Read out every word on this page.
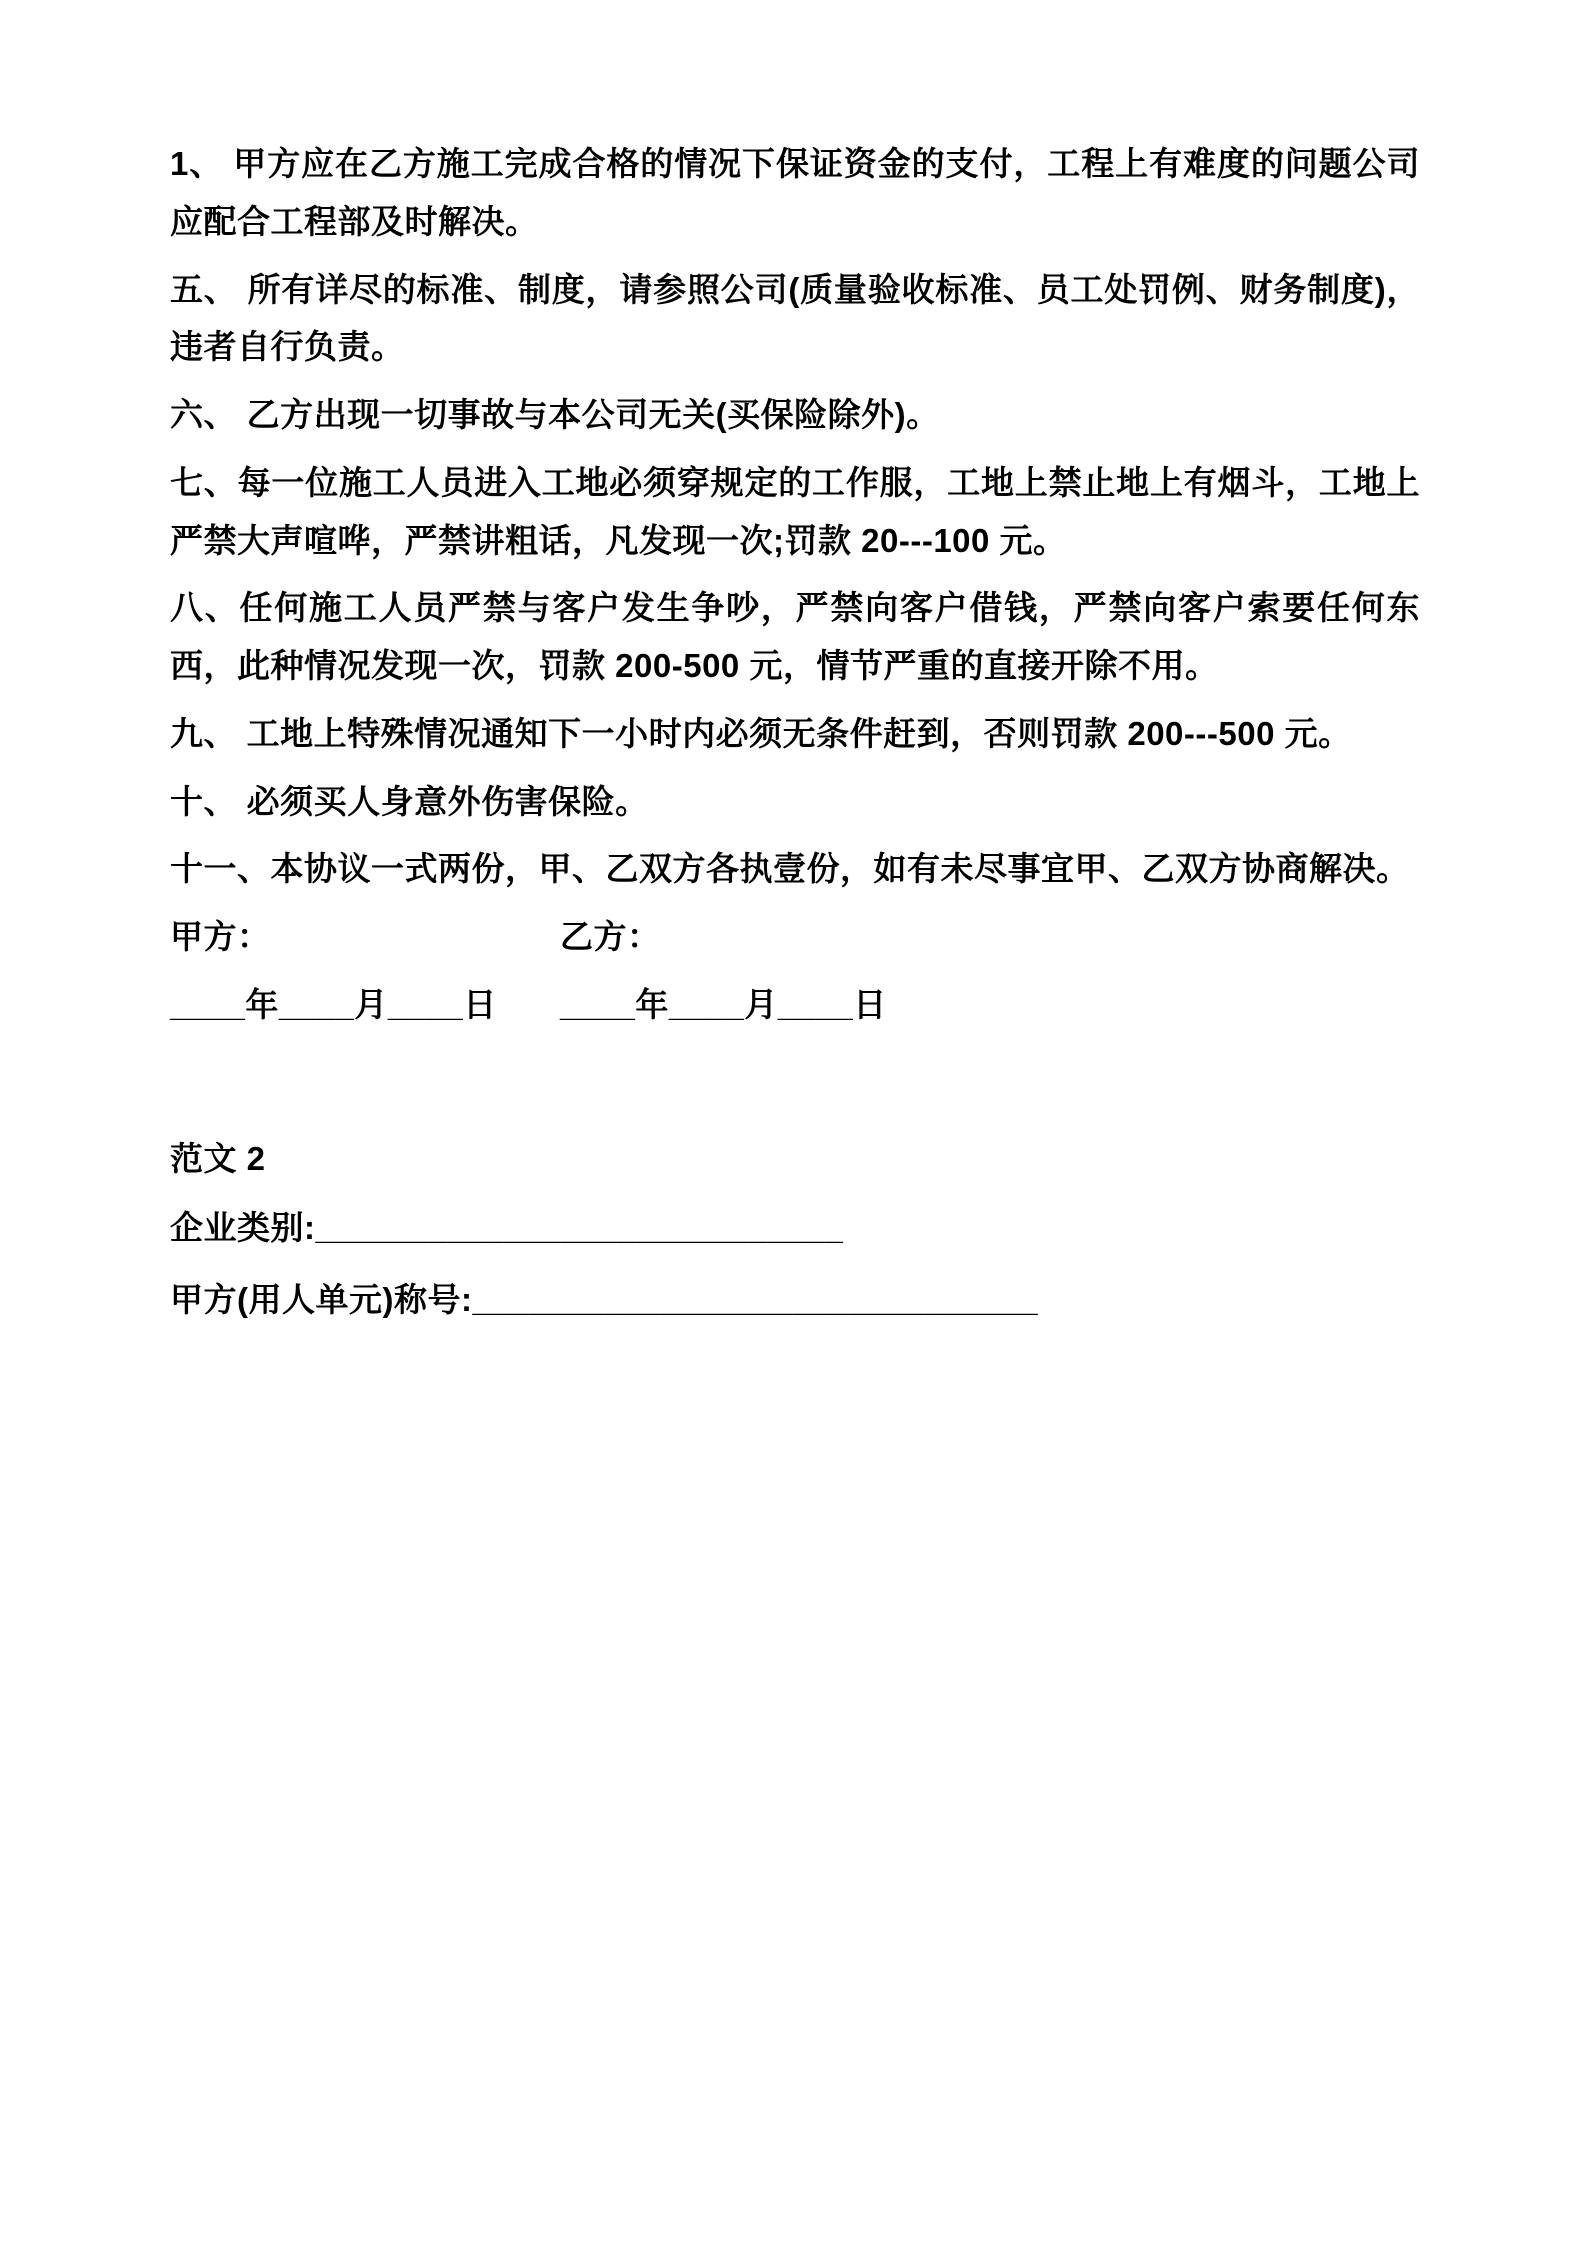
1、 甲方应在乙方施工完成合格的情况下保证资金的支付，工程上有难度的问题公司应配合工程部及时解决。

五、 所有详尽的标准、制度，请参照公司(质量验收标准、员工处罚例、财务制度)，违者自行负责。

六、 乙方出现一切事故与本公司无关(买保险除外)。

七、每一位施工人员进入工地必须穿规定的工作服，工地上禁止地上有烟斗，工地上严禁大声喧哗，严禁讲粗话，凡发现一次;罚款 20---100 元。

八、任何施工人员严禁与客户发生争吵，严禁向客户借钱，严禁向客户索要任何东西，此种情况发现一次，罚款 200-500 元，情节严重的直接开除不用。

九、 工地上特殊情况通知下一小时内必须无条件赶到，否则罚款 200---500 元。

十、 必须买人身意外伤害保险。

十一、本协议一式两份，甲、乙双方各执壹份，如有未尽事宜甲、乙双方协商解决。

甲方：	乙方：
____年____月____日	____年____月____日

范文 2

企业类别:____________________________

甲方(用人单元)称号:______________________________
